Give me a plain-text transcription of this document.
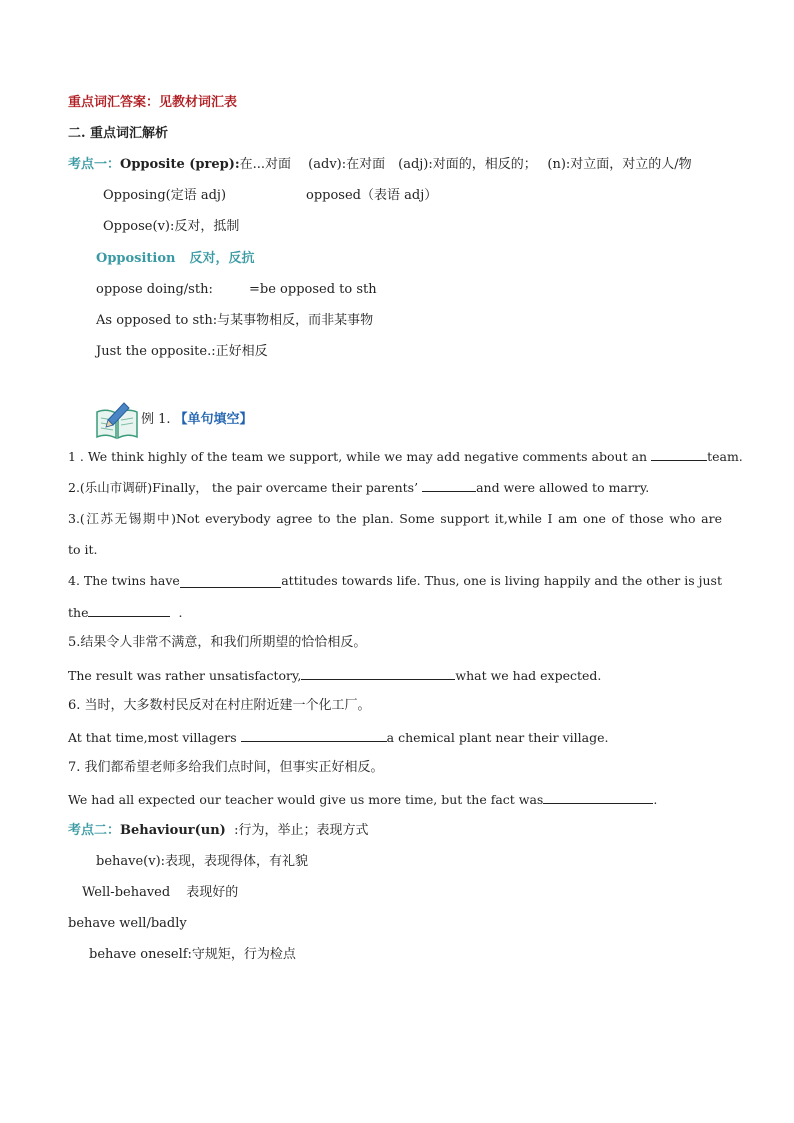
重点词汇答案：见教材词汇表
二. 重点词汇解析
考点一：Opposite (prep):在...对面　 (adv):在对面　(adj):对面的，相反的；　 (n):对立面，对立的人/物
Opposing(定语 adj)	opposed（表语 adj）
Oppose(v):反对，抵制
Opposition 反对，反抗
oppose doing/sth:	=be opposed to sth
As opposed to sth:与某事物相反，而非某事物
Just the opposite.:正好相反
例 1. 【单句填空】
1 . We think highly of the team we support, while we may add negative comments about an	team.
2.(乐山市调研)Finally， the pair overcame their parents’	and were allowed to marry.
3.(江苏无锡期中)Not everybody agree to the plan. Some support it,while I am one of those who are
to it.
4. The twins have	attitudes towards life. Thus, one is living happily and the other is just
the	.
5.结果令人非常不满意，和我们所期望的恰恰相反。
The result was rather unsatisfactory,	what we had expected.
6. 当时，大多数村民反对在村庄附近建一个化工厂。
At that time,most villagers	a chemical plant near their village.
7. 我们都希望老师多给我们点时间，但事实正好相反。
We had all expected our teacher would give us more time, but the fact was	.
考点二：Behaviour(un)  :行为，举止；表现方式
behave(v):表现，表现得体，有礼貌
Well-behaved 表现好的
behave well/badly
behave oneself:守规矩，行为检点
